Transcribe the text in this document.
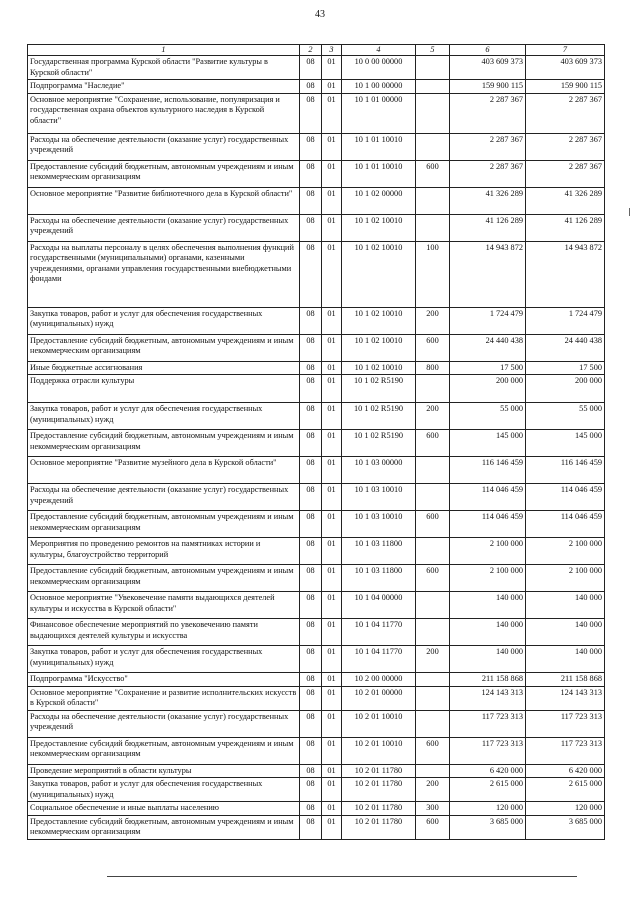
43
1	2	3	4	5	6	7
Государственная программа Курской области "Развитие культуры в Курской области"	08	01	10 0 00 00000		403 609 373	403 609 373
Подпрограмма "Наследие"	08	01	10 1 00 00000		159 900 115	159 900 115
Основное мероприятие "Сохранение, использование, популяризация и государственная охрана объектов культурного наследия в Курской области"	08	01	10 1 01 00000		2 287 367	2 287 367
Расходы на обеспечение деятельности (оказание услуг) государственных учреждений	08	01	10 1 01 10010		2 287 367	2 287 367
Предоставление субсидий бюджетным, автономным учреждениям и иным некоммерческим организациям	08	01	10 1 01 10010	600	2 287 367	2 287 367
Основное мероприятие "Развитие библиотечного дела в Курской области"	08	01	10 1 02 00000		41 326 289	41 326 289
Расходы на обеспечение деятельности (оказание услуг) государственных учреждений	08	01	10 1 02 10010		41 126 289	41 126 289
Расходы на выплаты персоналу в целях обеспечения выполнения функций государственными (муниципальными) органами, казенными учреждениями, органами управления государственными внебюджетными фондами	08	01	10 1 02 10010	100	14 943 872	14 943 872
Закупка товаров, работ и услуг для обеспечения государственных (муниципальных) нужд	08	01	10 1 02 10010	200	1 724 479	1 724 479
Предоставление субсидий бюджетным, автономным учреждениям и иным некоммерческим организациям	08	01	10 1 02 10010	600	24 440 438	24 440 438
Иные бюджетные ассигнования	08	01	10 1 02 10010	800	17 500	17 500
Поддержка отрасли культуры	08	01	10 1 02 R5190		200 000	200 000
Закупка товаров, работ и услуг для обеспечения государственных (муниципальных) нужд	08	01	10 1 02 R5190	200	55 000	55 000
Предоставление субсидий бюджетным, автономным учреждениям и иным некоммерческим организациям	08	01	10 1 02 R5190	600	145 000	145 000
Основное мероприятие "Развитие музейного дела в Курской области"	08	01	10 1 03 00000		116 146 459	116 146 459
Расходы на обеспечение деятельности (оказание услуг) государственных учреждений	08	01	10 1 03 10010		114 046 459	114 046 459
Предоставление субсидий бюджетным, автономным учреждениям и иным некоммерческим организациям	08	01	10 1 03 10010	600	114 046 459	114 046 459
Мероприятия по проведению ремонтов на памятниках истории и культуры, благоустройство территорий	08	01	10 1 03 11800		2 100 000	2 100 000
Предоставление субсидий бюджетным, автономным учреждениям и иным некоммерческим организациям	08	01	10 1 03 11800	600	2 100 000	2 100 000
Основное мероприятие "Увековечение памяти выдающихся деятелей культуры и искусства в Курской области"	08	01	10 1 04 00000		140 000	140 000
Финансовое обеспечение мероприятий по увековечению памяти выдающихся деятелей культуры и искусства	08	01	10 1 04 11770		140 000	140 000
Закупка товаров, работ и услуг для обеспечения государственных (муниципальных) нужд	08	01	10 1 04 11770	200	140 000	140 000
Подпрограмма "Искусство"	08	01	10 2 00 00000		211 158 868	211 158 868
Основное мероприятие "Сохранение и развитие исполнительских искусств в Курской области"	08	01	10 2 01 00000		124 143 313	124 143 313
Расходы на обеспечение деятельности (оказание услуг) государственных учреждений	08	01	10 2 01 10010		117 723 313	117 723 313
Предоставление субсидий бюджетным, автономным учреждениям и иным некоммерческим организациям	08	01	10 2 01 10010	600	117 723 313	117 723 313
Проведение мероприятий в области культуры	08	01	10 2 01 11780		6 420 000	6 420 000
Закупка товаров, работ и услуг для обеспечения государственных (муниципальных) нужд	08	01	10 2 01 11780	200	2 615 000	2 615 000
Социальное обеспечение и иные выплаты населению	08	01	10 2 01 11780	300	120 000	120 000
Предоставление субсидий бюджетным, автономным учреждениям и иным некоммерческим организациям	08	01	10 2 01 11780	600	3 685 000	3 685 000
